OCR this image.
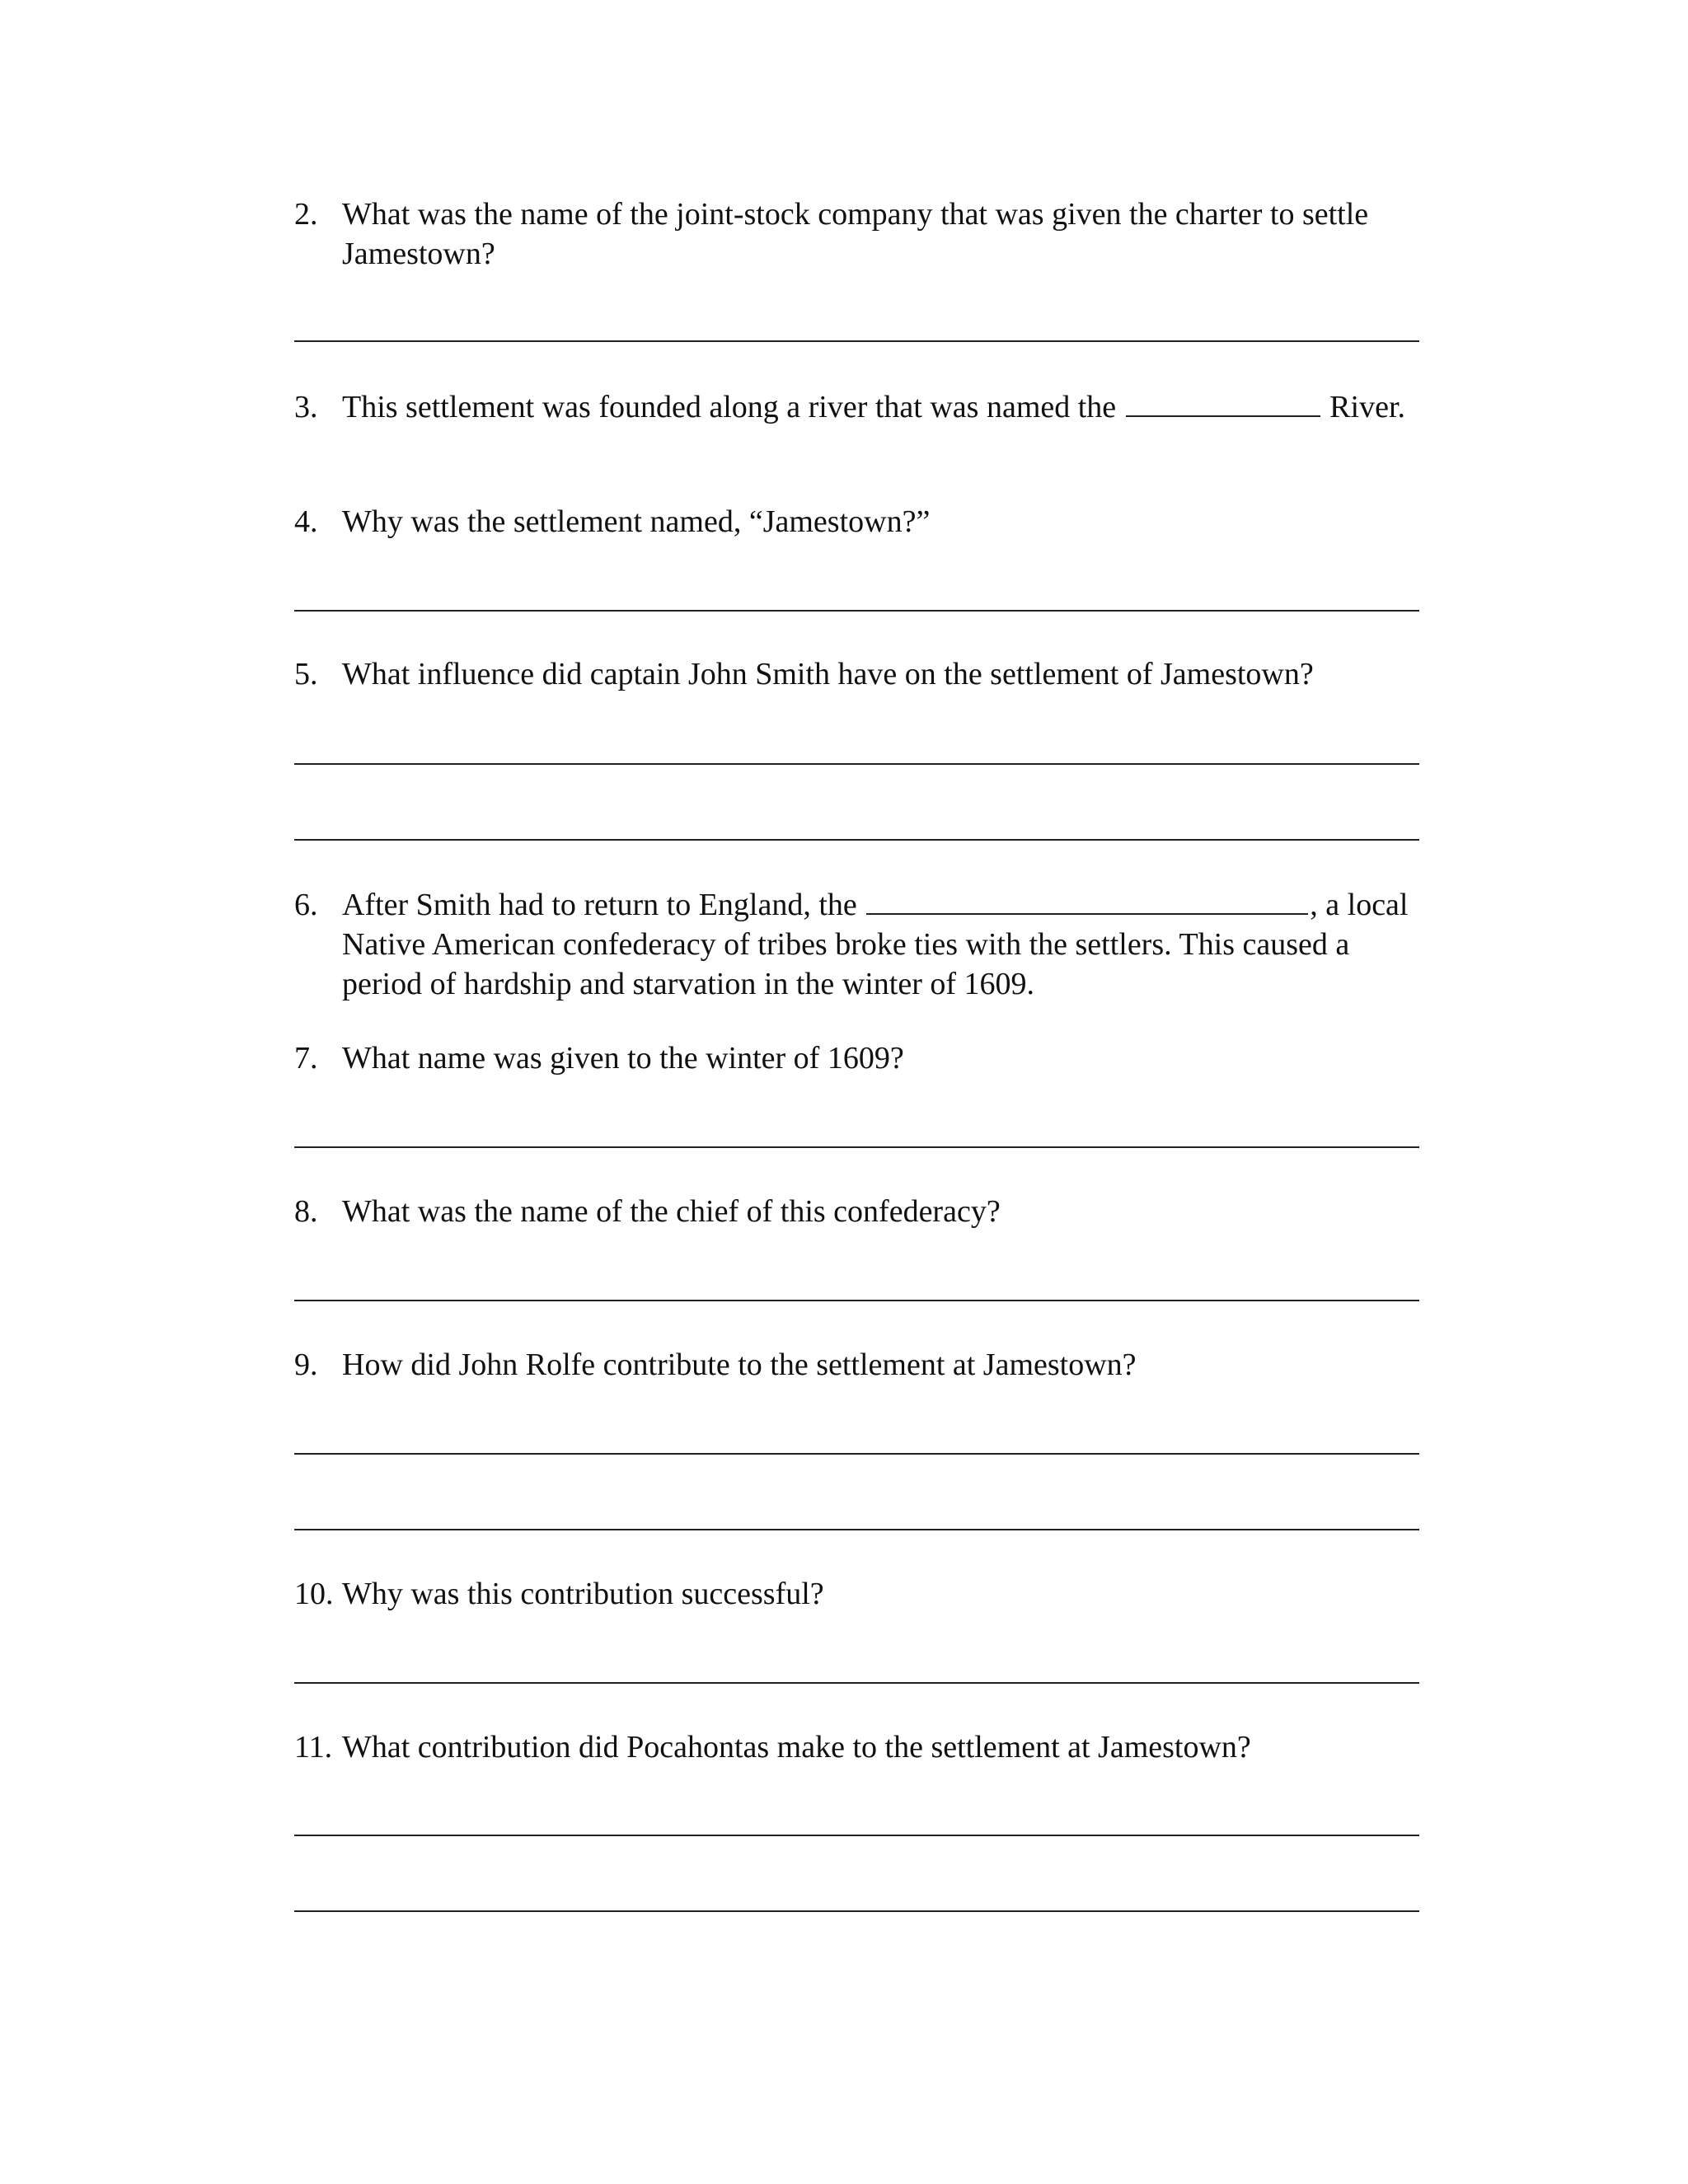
2. What was the name of the joint-stock company that was given the charter to settle Jamestown?
3. This settlement was founded along a river that was named the	River.
4. Why was the settlement named, “Jamestown?”
5. What influence did captain John Smith have on the settlement of Jamestown?
6. After Smith had to return to England, the	, a local Native American confederacy of tribes broke ties with the settlers. This caused a period of hardship and starvation in the winter of 1609.
7. What name was given to the winter of 1609?
8. What was the name of the chief of this confederacy?
9. How did John Rolfe contribute to the settlement at Jamestown?
10. Why was this contribution successful?
11. What contribution did Pocahontas make to the settlement at Jamestown?
